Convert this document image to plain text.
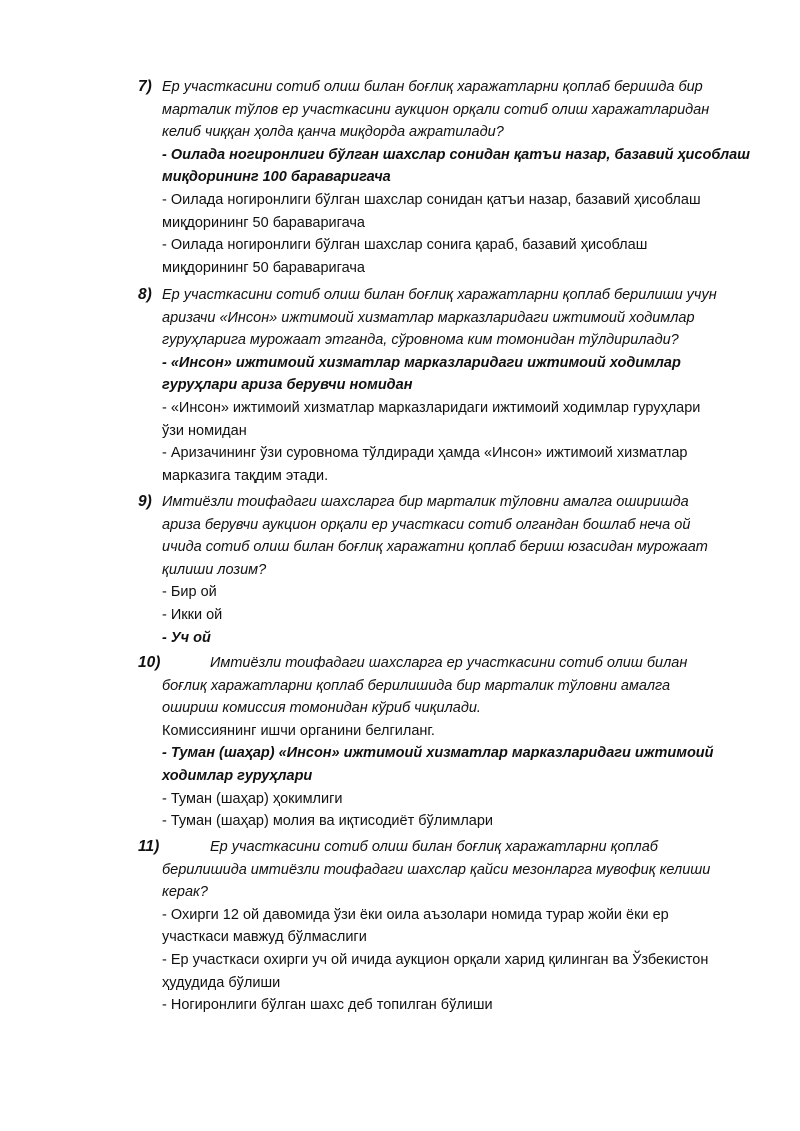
7) Ер участкасини сотиб олиш билан боғлиқ харажатларни қоплаб беришда бир
марталик тўлов ер участкасини аукцион орқали сотиб олиш харажатларидан
келиб чиққан ҳолда қанча миқдорда ажратилади?
- Оилада ногиронлиги бўлган шахслар сонидан қатъи назар, базавий ҳисоблаш
миқдорининг 100 бараваригача
- Оилада ногиронлиги бўлган шахслар сонидан қатъи назар, базавий ҳисоблаш
миқдорининг 50 бараваригача
- Оилада ногиронлиги бўлган шахслар сонига қараб, базавий ҳисоблаш
миқдорининг 50 бараваригача
8) Ер участкасини сотиб олиш билан боғлиқ харажатларни қоплаб берилиши учун
аризачи «Инсон» ижтимоий хизматлар марказларидаги ижтимоий ходимлар
гуруҳларига мурожаат этганда, сўровнома ким томонидан тўлдирилади?
- «Инсон» ижтимоий хизматлар марказларидаги ижтимоий ходимлар
гуруҳлари ариза берувчи номидан
- «Инсон» ижтимоий хизматлар марказларидаги ижтимоий ходимлар гуруҳлари
ўзи номидан
- Аризачининг ўзи суровнома тўлдиради ҳамда «Инсон» ижтимоий хизматлар
марказига тақдим этади.
9) Имтиёзли тоифадаги шахсларга бир марталик тўловни амалга оширишда
ариза берувчи аукцион орқали ер участкаси сотиб олгандан бошлаб неча ой
ичида сотиб олиш билан боғлиқ харажатни қоплаб бериш юзасидан мурожаат
қилиши лозим?
- Бир ой
- Икки ой
- Уч ой
10)	Имтиёзли тоифадаги шахсларга ер участкасини сотиб олиш билан
боғлиқ харажатларни қоплаб берилишида бир марталик тўловни амалга
ошириш комиссия томонидан кўриб чиқилади.
Комиссиянинг ишчи органини белгиланг.
- Туман (шаҳар) «Инсон» ижтимоий хизматлар марказларидаги ижтимоий
ходимлар гуруҳлари
- Туман (шаҳар) ҳокимлиги
- Туман (шаҳар) молия ва иқтисодиёт бўлимлари
11)	Ер участкасини сотиб олиш билан боғлиқ харажатларни қоплаб
берилишида имтиёзли тоифадаги шахслар қайси мезонларга мувофиқ келиши
керак?
- Охирги 12 ой давомида ўзи ёки оила аъзолари номида турар жойи ёки ер
участкаси мавжуд бўлмаслиги
- Ер участкаси охирги уч ой ичида аукцион орқали харид қилинган ва Ўзбекистон
ҳудудида бўлиши
- Ногиронлиги бўлган шахс деб топилган бўлиши
